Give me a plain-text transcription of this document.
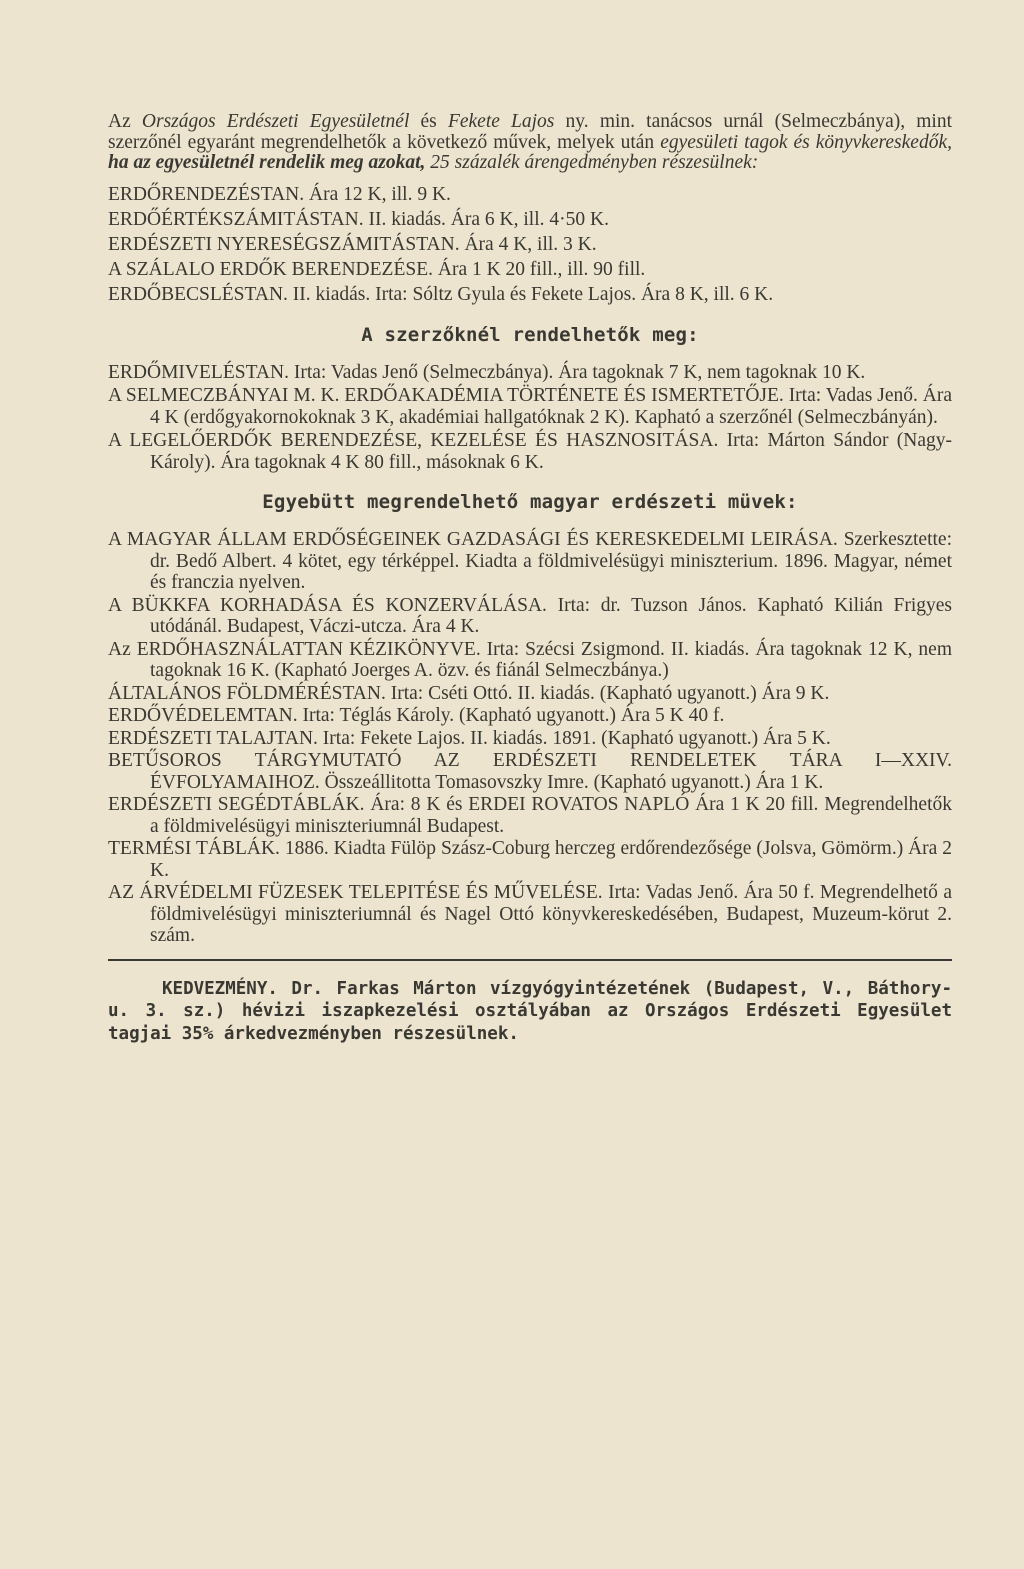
Az Országos Erdészeti Egyesületnél és Fekete Lajos ny. min. tanácsos urnál (Selmeczbánya), mint szerzőnél egyaránt megrendelhetők a következő művek, melyek után egyesületi tagok és könyvkereskedők, ha az egyesületnél rendelik meg azokat, 25 százalék árengedményben részesülnek:

ERDŐRENDEZÉSTAN. Ára 12 K, ill. 9 K.

ERDŐÉRTÉKSZÁMITÁSTAN. II. kiadás. Ára 6 K, ill. 4·50 K.

ERDÉSZETI NYERESÉGSZÁMITÁSTAN. Ára 4 K, ill. 3 K.

A SZÁLALO ERDŐK BERENDEZÉSE. Ára 1 K 20 fill., ill. 90 fill.

ERDŐBECSLÉSTAN. II. kiadás. Irta: Sóltz Gyula és Fekete Lajos. Ára 8 K, ill. 6 K.

A szerzőknél rendelhetők meg:

ERDŐMIVELÉSTAN. Irta: Vadas Jenő (Selmeczbánya). Ára tagoknak 7 K, nem tagoknak 10 K.

A SELMECZBÁNYAI M. K. ERDŐAKADÉMIA TÖRTÉNETE ÉS ISMERTETŐJE. Irta: Vadas Jenő. Ára 4 K (erdőgyakornokoknak 3 K, akadémiai hallgatóknak 2 K). Kapható a szerzőnél (Selmeczbányán).

A LEGELŐERDŐK BERENDEZÉSE, KEZELÉSE ÉS HASZNOSITÁSA. Irta: Márton Sándor (Nagy-Károly). Ára tagoknak 4 K 80 fill., másoknak 6 K.

Egyebütt megrendelhető magyar erdészeti müvek:

A MAGYAR ÁLLAM ERDŐSÉGEINEK GAZDASÁGI ÉS KERESKEDELMI LEIRÁSA. Szerkesztette: dr. Bedő Albert. 4 kötet, egy térképpel. Kiadta a földmivelésügyi miniszterium. 1896. Magyar, német és franczia nyelven.

A BÜKKFA KORHADÁSA ÉS KONZERVÁLÁSA. Irta: dr. Tuzson János. Kapható Kilián Frigyes utódánál. Budapest, Váczi-utcza. Ára 4 K.

Az ERDŐHASZNÁLATTAN KÉZIKÖNYVE. Irta: Szécsi Zsigmond. II. kiadás. Ára tagoknak 12 K, nem tagoknak 16 K. (Kapható Joerges A. özv. és fiánál Selmeczbánya.)

ÁLTALÁNOS FÖLDMÉRÉSTAN. Irta: Cséti Ottó. II. kiadás. (Kapható ugyanott.) Ára 9 K.

ERDŐVÉDELEMTAN. Irta: Téglás Károly. (Kapható ugyanott.) Ára 5 K 40 f.

ERDÉSZETI TALAJTAN. Irta: Fekete Lajos. II. kiadás. 1891. (Kapható ugyanott.) Ára 5 K.

BETŰSOROS TÁRGYMUTATÓ AZ ERDÉSZETI RENDELETEK TÁRA I—XXIV. ÉVFOLYAMAIHOZ. Összeállitotta Tomasovszky Imre. (Kapható ugyanott.) Ára 1 K.

ERDÉSZETI SEGÉDTÁBLÁK. Ára: 8 K és ERDEI ROVATOS NAPLÓ Ára 1 K 20 fill. Megrendelhetők a földmivelésügyi miniszteriumnál Budapest.

TERMÉSI TÁBLÁK. 1886. Kiadta Fülöp Szász-Coburg herczeg erdőrendezősége (Jolsva, Gömörm.) Ára 2 K.

AZ ÁRVÉDELMI FÜZESEK TELEPITÉSE ÉS MŰVELÉSE. Irta: Vadas Jenő. Ára 50 f. Megrendelhető a földmivelésügyi miniszteriumnál és Nagel Ottó könyvkereskedésében, Budapest, Muzeum-körut 2. szám.

KEDVEZMÉNY. Dr. Farkas Márton vízgyógyintézetének (Budapest, V., Báthory-u. 3. sz.) hévizi iszapkezelési osztályában az Országos Erdészeti Egyesület tagjai 35% árkedvezményben részesülnek.
